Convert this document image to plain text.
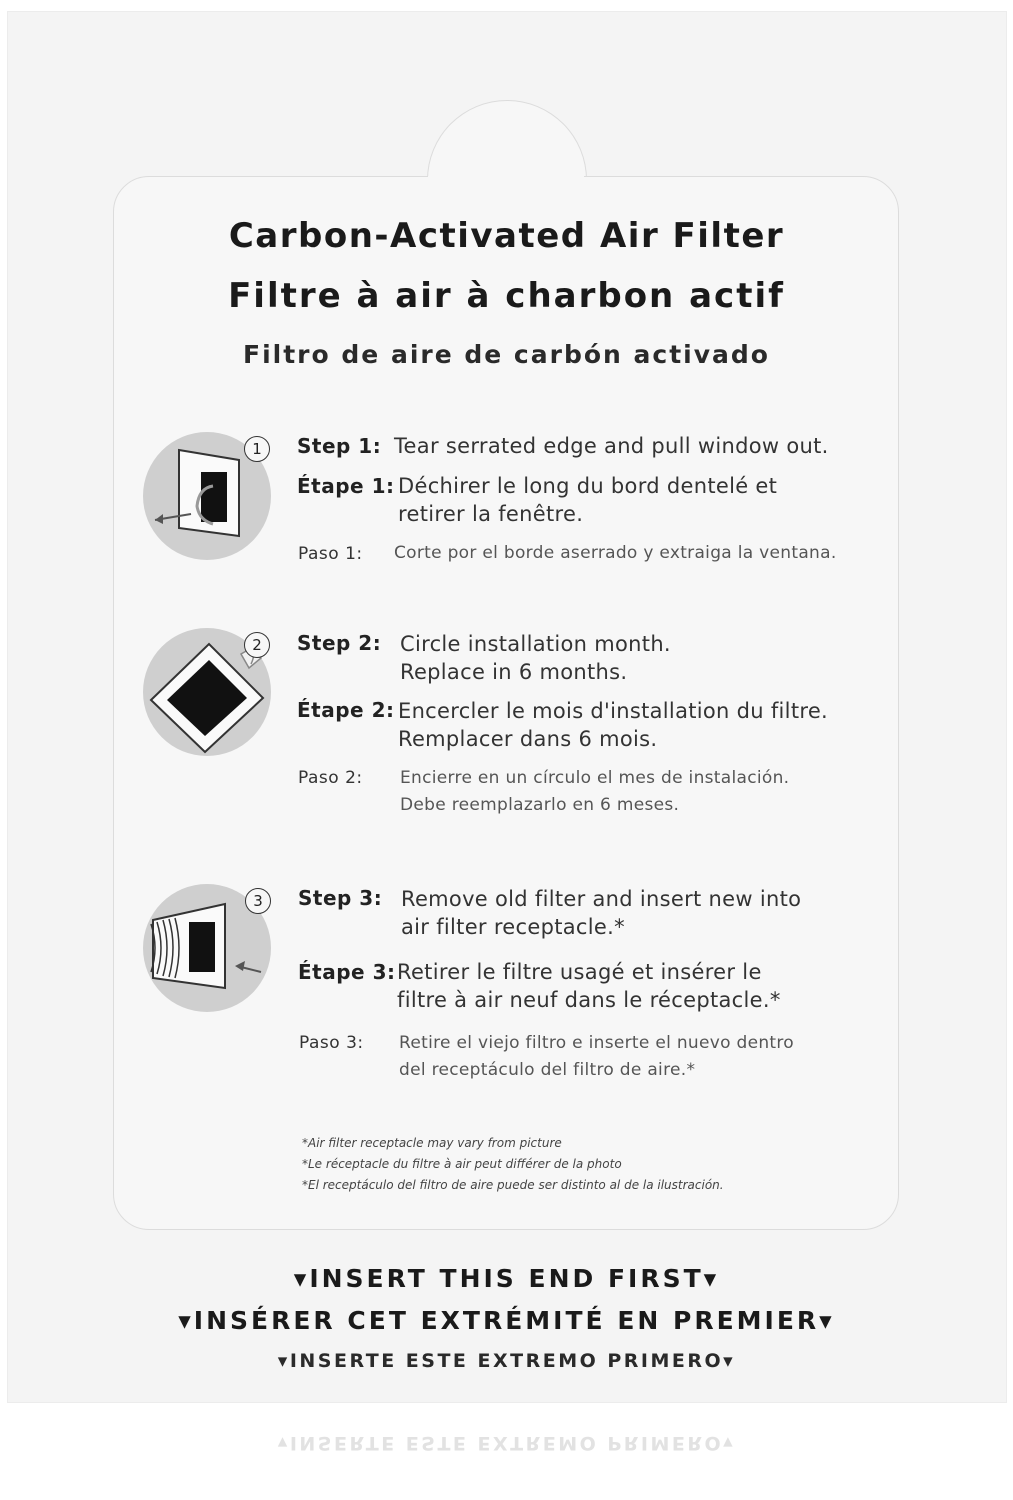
Carbon-Activated Air Filter
Filtre à air à charbon actif
Filtro de aire de carbón activado
1	Step 1: Tear serrated edge and pull window out.
Étape 1: Déchirer le long du bord dentelé et
retirer la fenêtre.
Paso 1: Corte por el borde aserrado y extraiga la ventana.
2	Step 2: Circle installation month.
Replace in 6 months.
Étape 2: Encercler le mois d'installation du filtre.
Remplacer dans 6 mois.
Paso 2: Encierre en un círculo el mes de instalación.
Debe reemplazarlo en 6 meses.
3	Step 3: Remove old filter and insert new into
air filter receptacle.*
Étape 3: Retirer le filtre usagé et insérer le
filtre à air neuf dans le réceptacle.*
Paso 3: Retire el viejo filtro e inserte el nuevo dentro
del receptáculo del filtro de aire.*
*Air filter receptacle may vary from picture
*Le réceptacle du filtre à air peut différer de la photo
*El receptáculo del filtro de aire puede ser distinto al de la ilustración.
▾INSERT THIS END FIRST▾
▾INSÉRER CET EXTRÉMITÉ EN PREMIER▾
▾INSERTE ESTE EXTREMO PRIMERO▾
▾INSERTE ESTE EXTREMO PRIMERO▾
